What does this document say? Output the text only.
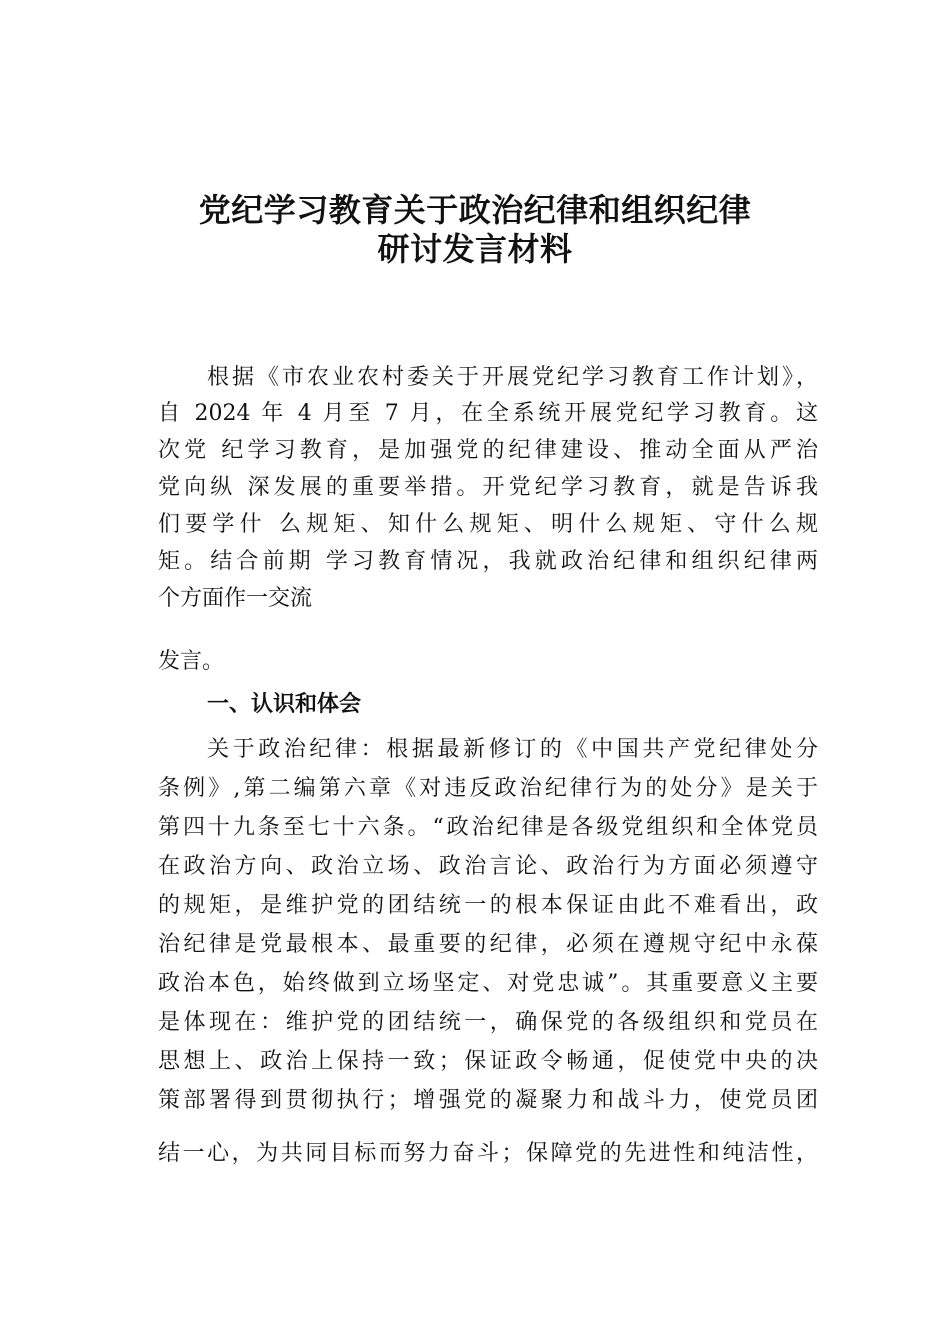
党纪学习教育关于政治纪律和组织纪律
研讨发言材料
根据《市农业农村委关于开展党纪学习教育工作计划》，
自 2024 年 4 月至 7 月，在全系统开展党纪学习教育。这
次党 纪学习教育，是加强党的纪律建设、推动全面从严治
党向纵 深发展的重要举措。开党纪学习教育，就是告诉我
们要学什 么规矩、知什么规矩、明什么规矩、守什么规
矩。结合前期 学习教育情况，我就政治纪律和组织纪律两
个方面作一交流
发言。
一、认识和体会
关于政治纪律：根据最新修订的《中国共产党纪律处分
条例》,第二编第六章《对违反政治纪律行为的处分》是关于
第四十九条至七十六条。“政治纪律是各级党组织和全体党员
在政治方向、政治立场、政治言论、政治行为方面必须遵守
的规矩，是维护党的团结统一的根本保证由此不难看出，政
治纪律是党最根本、最重要的纪律，必须在遵规守纪中永葆
政治本色，始终做到立场坚定、对党忠诚”。其重要意义主要
是体现在：维护党的团结统一，确保党的各级组织和党员在
思想上、政治上保持一致；保证政令畅通，促使党中央的决
策部署得到贯彻执行；增强党的凝聚力和战斗力，使党员团
结一心，为共同目标而努力奋斗；保障党的先进性和纯洁性，
